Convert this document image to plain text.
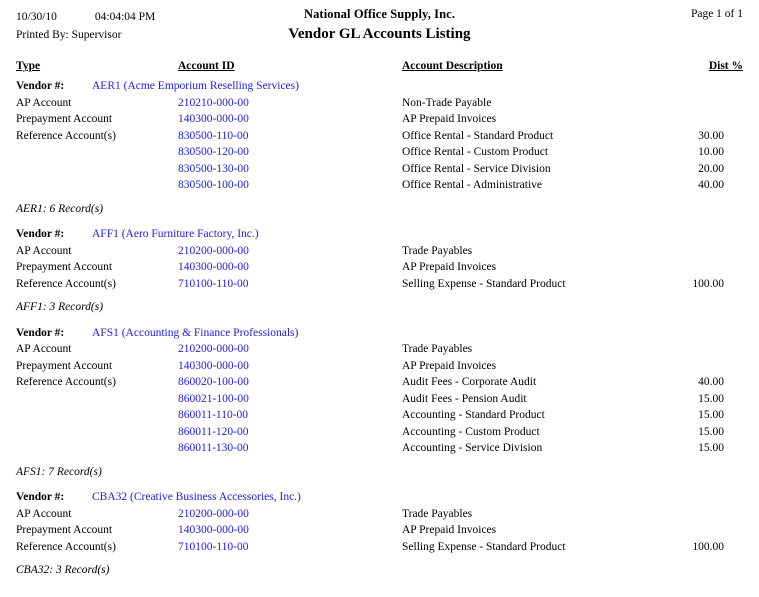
10/30/10	04:04:04 PM
Printed By: Supervisor
National Office Supply, Inc.
Vendor GL Accounts Listing
Page 1 of 1
Type	Account ID	Account Description	Dist %
Vendor #: AER1 (Acme Emporium Reselling Services)
AP Account	210210-000-00	Non-Trade Payable
Prepayment Account	140300-000-00	AP Prepaid Invoices
Reference Account(s)	830500-110-00	Office Rental - Standard Product	30.00
830500-120-00	Office Rental - Custom Product	10.00
830500-130-00	Office Rental - Service Division	20.00
830500-100-00	Office Rental - Administrative	40.00
AER1: 6 Record(s)
Vendor #: AFF1 (Aero Furniture Factory, Inc.)
AP Account	210200-000-00	Trade Payables
Prepayment Account	140300-000-00	AP Prepaid Invoices
Reference Account(s)	710100-110-00	Selling Expense - Standard Product	100.00
AFF1: 3 Record(s)
Vendor #: AFS1 (Accounting & Finance Professionals)
AP Account	210200-000-00	Trade Payables
Prepayment Account	140300-000-00	AP Prepaid Invoices
Reference Account(s)	860020-100-00	Audit Fees - Corporate Audit	40.00
860021-100-00	Audit Fees - Pension Audit	15.00
860011-110-00	Accounting - Standard Product	15.00
860011-120-00	Accounting - Custom Product	15.00
860011-130-00	Accounting - Service Division	15.00
AFS1: 7 Record(s)
Vendor #: CBA32 (Creative Business Accessories, Inc.)
AP Account	210200-000-00	Trade Payables
Prepayment Account	140300-000-00	AP Prepaid Invoices
Reference Account(s)	710100-110-00	Selling Expense - Standard Product	100.00
CBA32: 3 Record(s)
